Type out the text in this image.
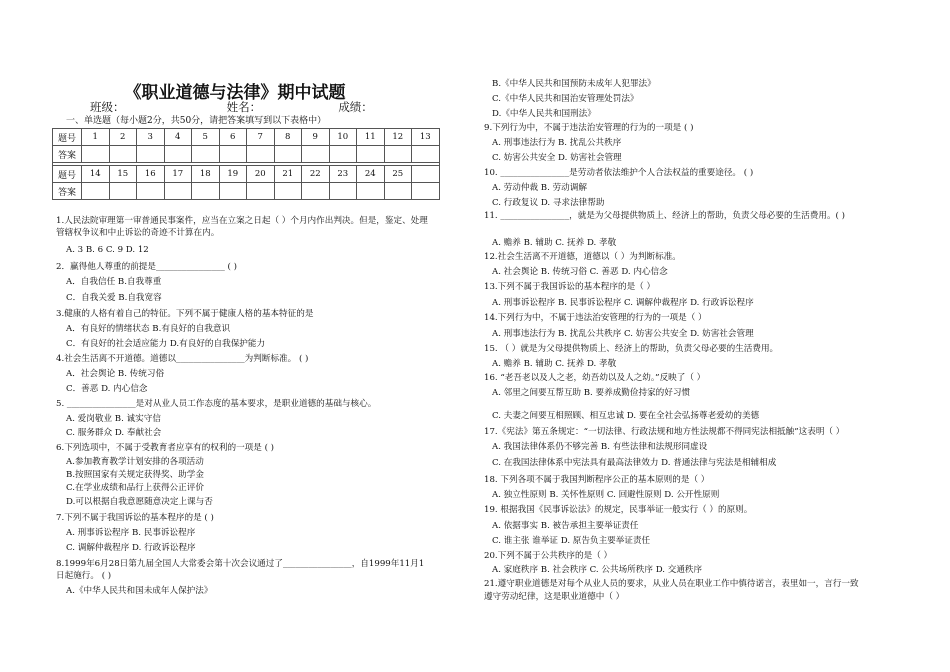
《职业道德与法律》期中试题
班级：	姓名：	成绩：
一、单选题（每小题2分，共50分，请把答案填写到以下表格中）
题号	1	2	3	4	5	6	7	8	9	10	11	12	13
答案													

题号	14	15	16	17	18	19	20	21	22	23	24	25	
答案													
1.人民法院审理第一审普通民事案件，应当在立案之日起（ ）个月内作出判决。但是，鉴定、处理
管辖权争议和中止诉讼的奇迹不计算在内。
A. 3 B. 6 C. 9 D. 12
2．赢得他人尊重的前提是________________ ( )
A．自我信任 B.自我尊重
C．自我关爱 B.自我宽容
3.健康的人格有着自己的特征。下列不属于健康人格的基本特征的是
A．有良好的情绪状态 B.有良好的自我意识
C．有良好的社会适应能力 D.有良好的自我保护能力
4.社会生活离不开道德。道德以________________为判断标准。 ( )
A．社会舆论 B. 传统习俗
C．善恶 D. 内心信念
5. ________________是对从业人员工作态度的基本要求，是职业道德的基础与核心。
A. 爱岗敬业 B. 诚实守信
C. 服务群众 D. 奉献社会
6.下列选项中，不属于受教育者应享有的权利的一项是 ( )
A.参加教育教学计划安排的各项活动
B.按照国家有关规定获得奖、助学金
C.在学业成绩和品行上获得公正评价
D.可以根据自我意愿随意决定上课与否
7.下列不属于我国诉讼的基本程序的是 ( )
A. 刑事诉讼程序 B. 民事诉讼程序
C. 调解仲裁程序 D. 行政诉讼程序
8.1999年6月28日第九届全国人大常委会第十次会议通过了________________，自1999年11月1
日起施行。 ( )
A.《中华人民共和国未成年人保护法》
B.《中华人民共和国预防未成年人犯罪法》
C.《中华人民共和国治安管理处罚法》
D.《中华人民共和国刑法》
9.下列行为中，不属于违法治安管理的行为的一项是 ( )
A. 刑事违法行为 B. 扰乱公共秩序
C. 妨害公共安全 D. 妨害社会管理
10. ________________是劳动者依法维护个人合法权益的重要途径。 ( )
A. 劳动仲裁 B. 劳动调解
C. 行政复议 D. 寻求法律帮助
11. ________________，就是为父母提供物质上、经济上的帮助，负责父母必要的生活费用。( )
A. 赡养 B. 辅助 C. 抚养 D. 孝敬
12.社会生活离不开道德，道德以（ ）为判断标准。
A. 社会舆论 B. 传统习俗 C. 善恶 D. 内心信念
13.下列不属于我国诉讼的基本程序的是（ ）
A. 刑事诉讼程序 B. 民事诉讼程序 C. 调解仲裁程序 D. 行政诉讼程序
14.下列行为中，不属于违法治安管理的行为的一项是（ ）
A. 刑事违法行为 B. 扰乱公共秩序 C. 妨害公共安全 D. 妨害社会管理
15. （ ）就是为父母提供物质上、经济上的帮助，负责父母必要的生活费用。
A. 赡养 B. 辅助 C. 抚养 D. 孝敬
16. “老吾老以及人之老，幼吾幼以及人之幼。”反映了（ ）
A. 邻里之间要互帮互助 B. 要养成勤俭持家的好习惯
C. 夫妻之间要互相照顾、相互忠诚 D. 要在全社会弘扬尊老爱幼的美德
17.《宪法》第五条规定：“一切法律、行政法规和地方性法规都不得同宪法相抵触”这表明（ ）
A. 我国法律体系仍不够完善 B. 有些法律和法规形同虚设
C. 在我国法律体系中宪法具有最高法律效力 D. 普通法律与宪法是相辅相成
18. 下列各项不属于我国判断程序公正的基本原则的是（ ）
A. 独立性原则 B. 关怀性原则 C. 回避性原则 D. 公开性原则
19. 根据我国《民事诉讼法》的规定，民事举证一般实行（ ）的原则。
A. 依据事实 B. 被告承担主要举证责任
C. 谁主张 谁举证 D. 原告负主要举证责任
20.下列不属于公共秩序的是（ ）
A. 家庭秩序 B. 社会秩序 C. 公共场所秩序 D. 交通秩序
21.遵守职业道德是对每个从业人员的要求，从业人员在职业工作中慎待诺言，表里如一，言行一致
遵守劳动纪律，这是职业道德中（ ）
